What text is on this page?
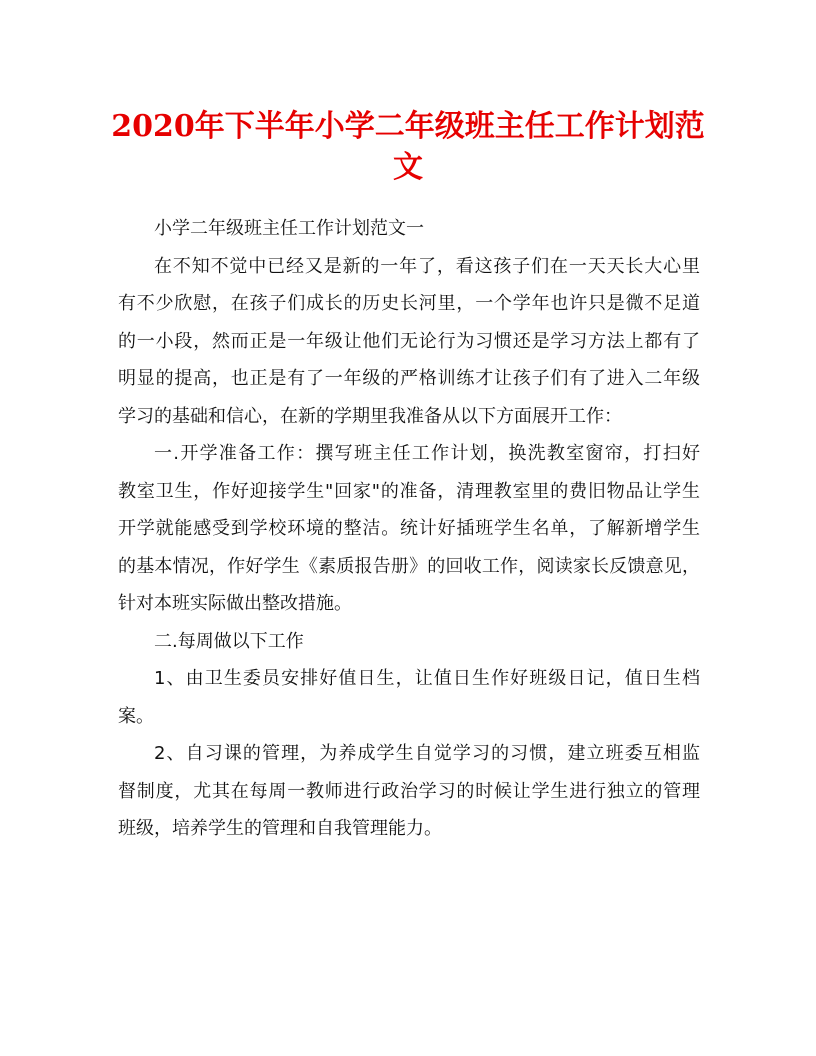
2020年下半年小学二年级班主任工作计划范
文

小学二年级班主任工作计划范文一

在不知不觉中已经又是新的一年了，看这孩子们在一天天长大心里
有不少欣慰，在孩子们成长的历史长河里，一个学年也许只是微不足道
的一小段，然而正是一年级让他们无论行为习惯还是学习方法上都有了
明显的提高，也正是有了一年级的严格训练才让孩子们有了进入二年级
学习的基础和信心，在新的学期里我准备从以下方面展开工作：

一.开学准备工作：撰写班主任工作计划，换洗教室窗帘，打扫好
教室卫生，作好迎接学生"回家"的准备，清理教室里的费旧物品让学生
开学就能感受到学校环境的整洁。统计好插班学生名单，了解新增学生
的基本情况，作好学生《素质报告册》的回收工作，阅读家长反馈意见，
针对本班实际做出整改措施。

二.每周做以下工作

1、由卫生委员安排好值日生，让值日生作好班级日记，值日生档
案。

2、自习课的管理，为养成学生自觉学习的习惯，建立班委互相监
督制度，尤其在每周一教师进行政治学习的时候让学生进行独立的管理
班级，培养学生的管理和自我管理能力。
